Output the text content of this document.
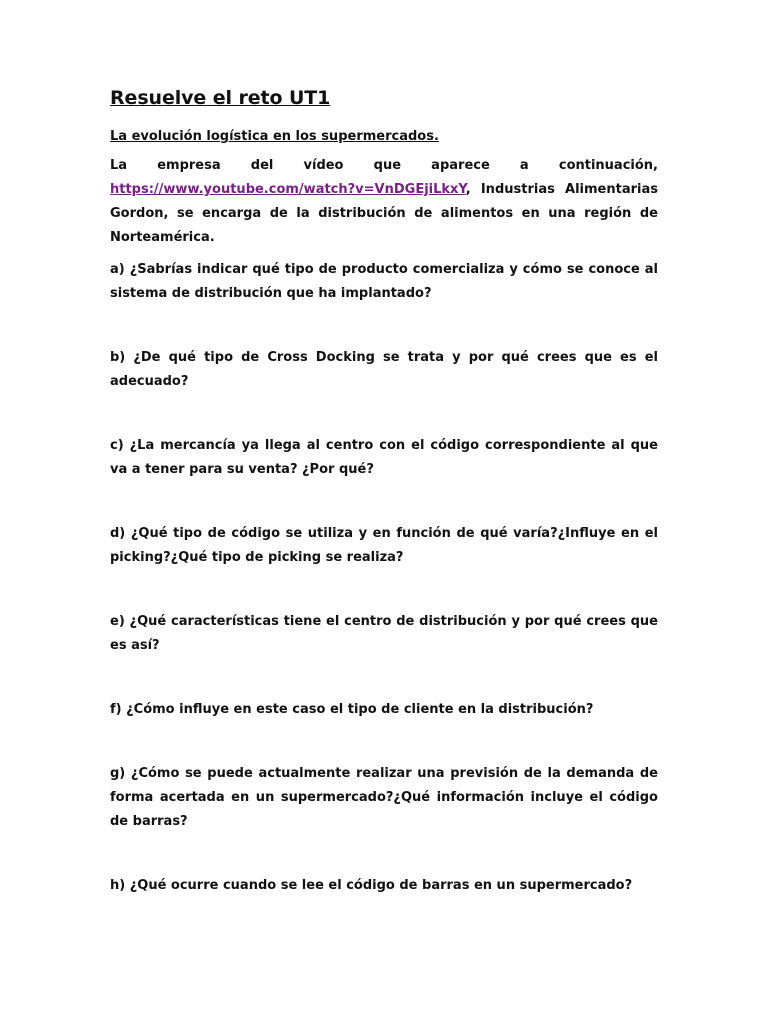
Resuelve el reto UT1

La evolución logística en los supermercados.

La empresa del vídeo que aparece a continuación, https://www.youtube.com/watch?v=VnDGEjiLkxY, Industrias Alimentarias Gordon, se encarga de la distribución de alimentos en una región de Norteamérica.

a) ¿Sabrías indicar qué tipo de producto comercializa y cómo se conoce al sistema de distribución que ha implantado?

b) ¿De qué tipo de Cross Docking se trata y por qué crees que es el adecuado?

c) ¿La mercancía ya llega al centro con el código correspondiente al que va a tener para su venta? ¿Por qué?

d) ¿Qué tipo de código se utiliza y en función de qué varía?¿Influye en el picking?¿Qué tipo de picking se realiza?

e) ¿Qué características tiene el centro de distribución y por qué crees que es así?

f) ¿Cómo influye en este caso el tipo de cliente en la distribución?

g) ¿Cómo se puede actualmente realizar una previsión de la demanda de forma acertada en un supermercado?¿Qué información incluye el código de barras?

h) ¿Qué ocurre cuando se lee el código de barras en un supermercado?
